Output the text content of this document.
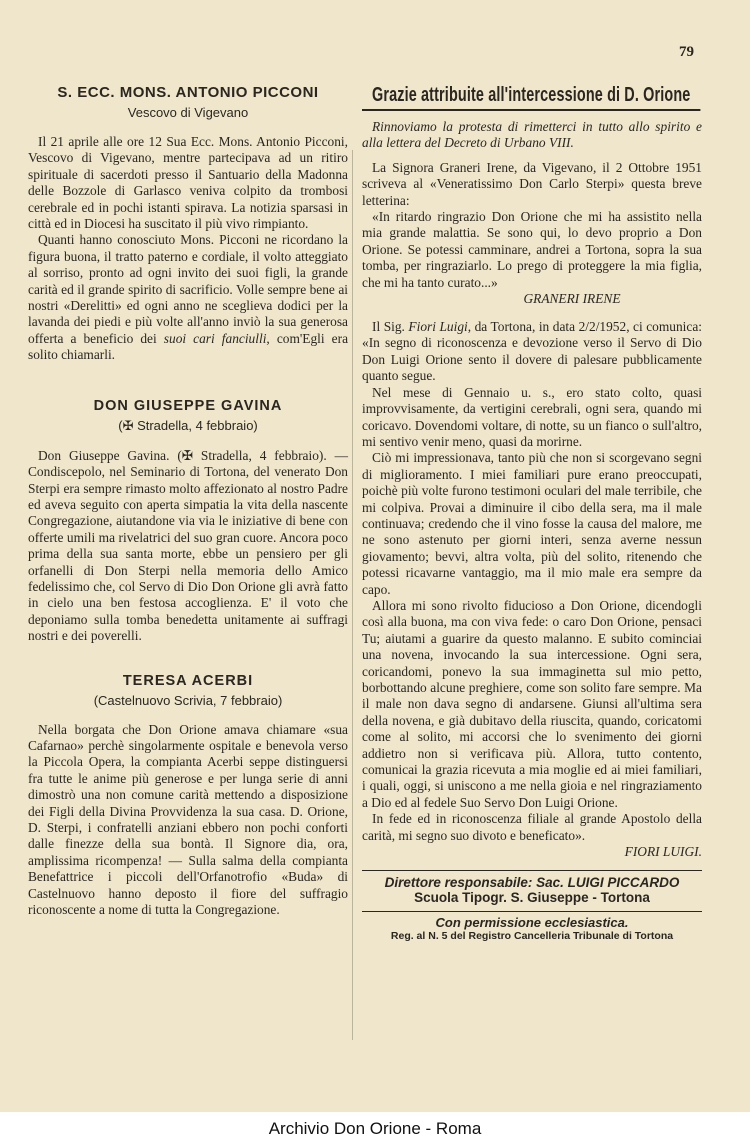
79
S. ECC. MONS. ANTONIO PICCONI
Vescovo di Vigevano

Il 21 aprile alle ore 12 Sua Ecc. Mons. Antonio Picconi, Vescovo di Vigevano, mentre partecipava ad un ritiro spirituale di sacerdoti presso il Santuario della Madonna delle Bozzole di Garlasco veniva colpito da trombosi cerebrale ed in pochi istanti spirava. La notizia sparsasi in città ed in Diocesi ha suscitato il più vivo rimpianto.

Quanti hanno conosciuto Mons. Picconi ne ricordano la figura buona, il tratto paterno e cordiale, il volto atteggiato al sorriso, pronto ad ogni invito dei suoi figli, la grande carità ed il grande spirito di sacrificio. Volle sempre bene ai nostri «Derelitti» ed ogni anno ne sceglieva dodici per la lavanda dei piedi e più volte all'anno inviò la sua generosa offerta a beneficio dei suoi cari fanciulli, com'Egli era solito chiamarli.

DON GIUSEPPE GAVINA
(✠ Stradella, 4 febbraio)

Don Giuseppe Gavina. (✠ Stradella, 4 febbraio). — Condiscepolo, nel Seminario di Tortona, del venerato Don Sterpi era sempre rimasto molto affezionato al nostro Padre ed aveva seguito con aperta simpatia la vita della nascente Congregazione, aiutandone via via le iniziative di bene con offerte umili ma rivelatrici del suo gran cuore. Ancora poco prima della sua santa morte, ebbe un pensiero per gli orfanelli di Don Sterpi nella memoria dello Amico fedelissimo che, col Servo di Dio Don Orione gli avrà fatto in cielo una ben festosa accoglienza. E' il voto che deponiamo sulla tomba benedetta unitamente ai suffragi nostri e dei poverelli.

TERESA ACERBI
(Castelnuovo Scrivia, 7 febbraio)

Nella borgata che Don Orione amava chiamare «sua Cafarnao» perchè singolarmente ospitale e benevola verso la Piccola Opera, la compianta Acerbi seppe distinguersi fra tutte le anime più generose e per lunga serie di anni dimostrò una non comune carità mettendo a disposizione dei Figli della Divina Provvidenza la sua casa. D. Orione, D. Sterpi, i confratelli anziani ebbero non pochi conforti dalle finezze della sua bontà. Il Signore dia, ora, amplissima ricompenza! — Sulla salma della compianta Benefattrice i piccoli dell'Orfanotrofio «Buda» di Castelnuovo hanno deposto il fiore del suffragio riconoscente a nome di tutta la Congregazione.

Grazie attribuite all'intercessione di D. Orione

Rinnoviamo la protesta di rimetterci in tutto allo spirito e alla lettera del Decreto di Urbano VIII.

La Signora Graneri Irene, da Vigevano, il 2 Ottobre 1951 scriveva al «Veneratissimo Don Carlo Sterpi» questa breve letterina:

«In ritardo ringrazio Don Orione che mi ha assistito nella mia grande malattia. Se sono qui, lo devo proprio a Don Orione. Se potessi camminare, andrei a Tortona, sopra la sua tomba, per ringraziarlo. Lo prego di proteggere la mia figlia, che mi ha tanto curato...»

GRANERI IRENE

Il Sig. Fiori Luigi, da Tortona, in data 2/2/1952, ci comunica: «In segno di riconoscenza e devozione verso il Servo di Dio Don Luigi Orione sento il dovere di palesare pubblicamente quanto segue.

Nel mese di Gennaio u. s., ero stato colto, quasi improvvisamente, da vertigini cerebrali, ogni sera, quando mi coricavo. Dovendomi voltare, di notte, su un fianco o sull'altro, mi sentivo venir meno, quasi da morirne.

Ciò mi impressionava, tanto più che non si scorgevano segni di miglioramento. I miei familiari pure erano preoccupati, poichè più volte furono testimoni oculari del male terribile, che mi colpiva. Provai a diminuire il cibo della sera, ma il male continuava; credendo che il vino fosse la causa del malore, me ne sono astenuto per giorni interi, senza averne nessun giovamento; bevvi, altra volta, più del solito, ritenendo che potessi ricavarne vantaggio, ma il mio male era sempre da capo.

Allora mi sono rivolto fiducioso a Don Orione, dicendogli così alla buona, ma con viva fede: o caro Don Orione, pensaci Tu; aiutami a guarire da questo malanno. E subito cominciai una novena, invocando la sua intercessione. Ogni sera, coricandomi, ponevo la sua immaginetta sul mio petto, borbottando alcune preghiere, come son solito fare sempre. Ma il male non dava segno di andarsene. Giunsi all'ultima sera della novena, e già dubitavo della riuscita, quando, coricatomi come al solito, mi accorsi che lo svenimento dei giorni addietro non si verificava più. Allora, tutto contento, comunicai la grazia ricevuta a mia moglie ed ai miei familiari, i quali, oggi, si uniscono a me nella gioia e nel ringraziamento a Dio ed al fedele Suo Servo Don Luigi Orione.

In fede ed in riconoscenza filiale al grande Apostolo della carità, mi segno suo divoto e beneficato».

FIORI LUIGI.
Direttore responsabile: Sac. LUIGI PICCARDO
Scuola Tipogr. S. Giuseppe - Tortona
Con permissione ecclesiastica.
Reg. al N. 5 del Registro Cancelleria Tribunale di Tortona
Archivio Don Orione - Roma
